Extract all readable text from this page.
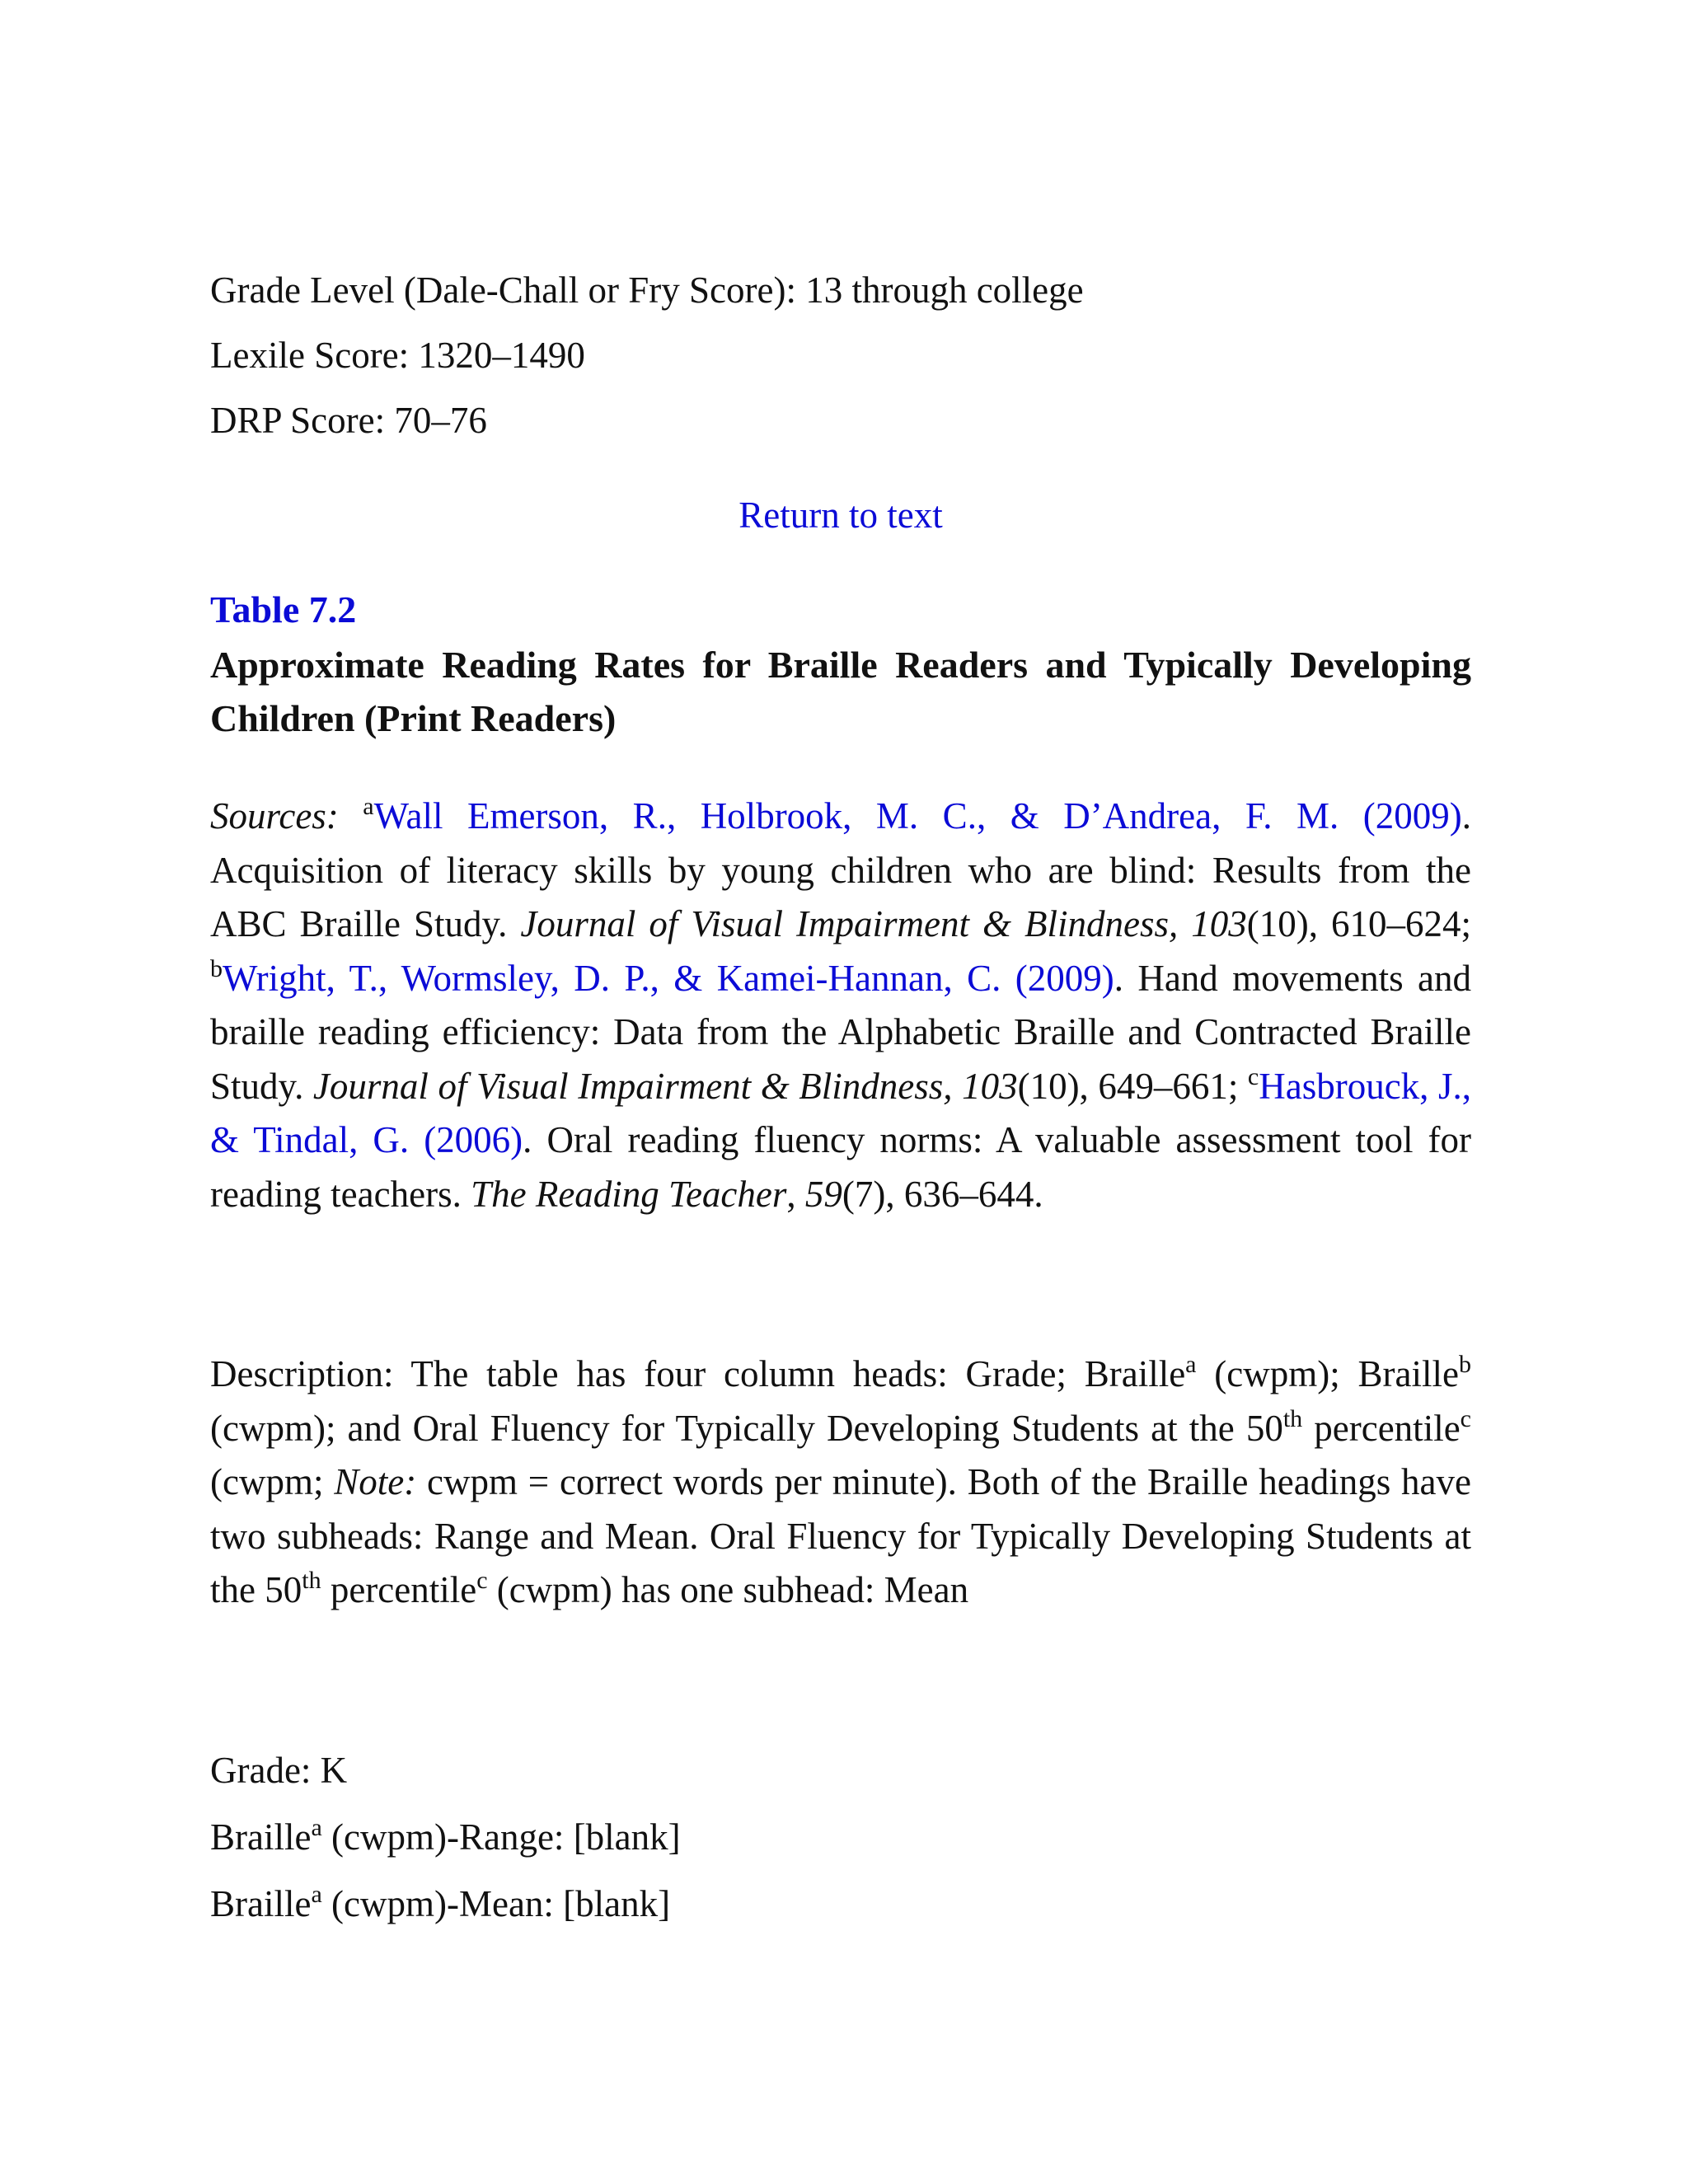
Grade Level (Dale-Chall or Fry Score): 13 through college
Lexile Score: 1320–1490
DRP Score: 70–76
Return to text
Table 7.2
Approximate Reading Rates for Braille Readers and Typically Developing Children (Print Readers)
Sources: $^a$Wall Emerson, R., Holbrook, M. C., & D’Andrea, F. M. (2009). Acquisition of literacy skills by young children who are blind: Results from the ABC Braille Study. Journal of Visual Impairment & Blindness, 103(10), 610–624; $^b$Wright, T., Wormsley, D. P., & Kamei-Hannan, C. (2009). Hand movements and braille reading efficiency: Data from the Alphabetic Braille and Contracted Braille Study. Journal of Visual Impairment & Blindness, 103(10), 649–661; $^c$Hasbrouck, J., & Tindal, G. (2006). Oral reading fluency norms: A valuable assessment tool for reading teachers. The Reading Teacher, 59(7), 636–644.
Description: The table has four column heads: Grade; Braille$^a$ (cwpm); Braille$^b$ (cwpm); and Oral Fluency for Typically Developing Students at the 50th percentile$^c$ (cwpm; Note: cwpm = correct words per minute). Both of the Braille headings have two subheads: Range and Mean. Oral Fluency for Typically Developing Students at the 50th percentile$^c$ (cwpm) has one subhead: Mean
Grade: K
Braille$^a$ (cwpm)-Range: [blank]
Braille$^a$ (cwpm)-Mean: [blank]
